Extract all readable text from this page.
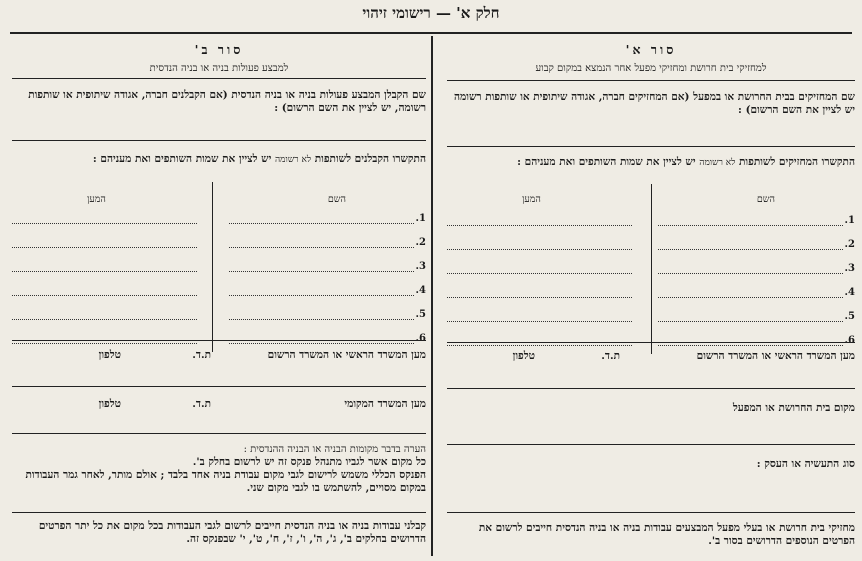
חלק א' — רישומי זיהוי
סור א'
למחזיקי בית חרושת ומחזיקי מפעל אחר הנמצא במקום קבוע
שם המחזיקים בבית החרושת או במפעל (אם המחזיקים חברה, אגודה שיתופית או שותפות רשומה יש לציין את השם הרשום) :
התקשרו המחזיקים לשותפות לא רשומה יש לציין את שמות השותפים ואת מעניהם :
השם
המען
1.
2.
3.
4.
5.
6.
מען המשרד הראשי או המשרד הרשום
ת.ד.
טלפון
מקום בית החרושת או המפעל
סוג התעשיה או העסק :
מחזיקי בית חרושת או בעלי מפעל המבצעים עבודות בניה או בניה הנדסית חייבים לרשום את הפרטים הנוספים הדרושים בסור ב'.
סור ב'
למבצע פעולות בניה או בניה הנדסית
שם הקבלן המבצע פעולות בניה או בניה הנדסית (אם הקבלנים חברה, אגודה שיתופית או שותפות רשומה, יש לציין את השם הרשום) :
התקשרו הקבלנים לשותפות לא רשומה יש לציין את שמות השותפים ואת מעניהם :
השם
המען
1.
2.
3.
4.
5.
6.
מען המשרד הראשי או המשרד הרשום
ת.ד.
טלפון
מען המשרד המקומי
ת.ד.
טלפון
הערה בדבר מקומות הבניה או הבניה ההנדסית :
כל מקום אשר לגביו מתנהל פנקס זה יש לרשום בחלק ב'.
הפנקס הכללי משמש לרישום לגבי מקום עבודת בניה אחד בלבד ; אולם מותר, לאחר גמר העבודות במקום מסויים, להשתמש בו לגבי מקום שני.
קבלני עבודות בניה או בניה הנדסית חייבים לרשום לגבי העבודות בכל מקום את כל יתר הפרטים הדרושים בחלקים ב', ג', ה', ו', ז', ח', ט', י' שבפנקס זה.
